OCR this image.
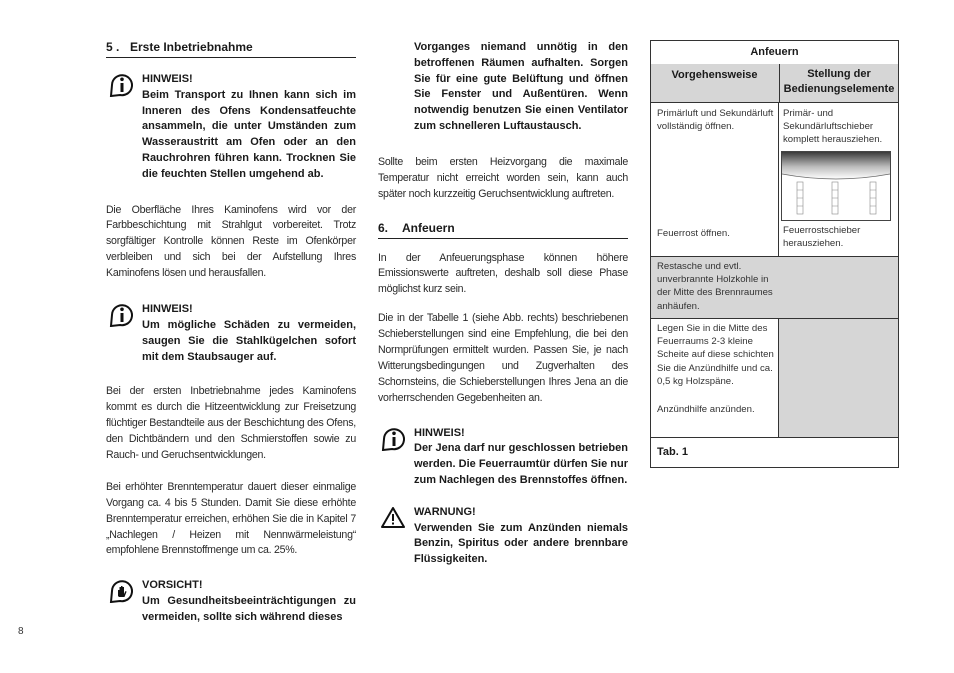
5 . Erste Inbetriebnahme
HINWEIS!
Beim Transport zu Ihnen kann sich im Inneren des Ofens Kondensatfeuchte ansammeln, die unter Umständen zum Wasseraustritt am Ofen oder an den Rauchrohren führen kann. Trocknen Sie die feuchten Stellen umgehend ab.

Die Oberfläche Ihres Kaminofens wird vor der Farbbeschichtung mit Strahlgut vorbereitet. Trotz sorgfältiger Kontrolle können Reste im Ofenkörper verbleiben und sich bei der Aufstellung Ihres Kaminofens lösen und herausfallen.

HINWEIS!
Um mögliche Schäden zu vermeiden, saugen Sie die Stahlkügelchen sofort mit dem Staubsauger auf.

Bei der ersten Inbetriebnahme jedes Kaminofens kommt es durch die Hitzeentwicklung zur Freisetzung flüchtiger Bestandteile aus der Beschichtung des Ofens, den Dichtbändern und den Schmierstoffen sowie zu Rauch- und Geruchsentwicklungen.

Bei erhöhter Brenntemperatur dauert dieser einmalige Vorgang ca. 4 bis 5 Stunden. Damit Sie diese erhöhte Brenntemperatur erreichen, erhöhen Sie die in Kapitel 7 „Nachlegen / Heizen mit Nennwärmeleistung“ empfohlene Brennstoffmenge um ca. 25%.

VORSICHT!
Um Gesundheitsbeeinträchtigungen zu vermeiden, sollte sich während dieses
Vorganges niemand unnötig in den betroffenen Räumen aufhalten. Sorgen Sie für eine gute Belüftung und öffnen Sie Fenster und Außentüren. Wenn notwendig benutzen Sie einen Ventilator zum schnelleren Luftaustausch.

Sollte beim ersten Heizvorgang die maximale Temperatur nicht erreicht worden sein, kann auch später noch kurzzeitig Geruchsentwicklung auftreten.

6. Anfeuern

In der Anfeuerungsphase können höhere Emissionswerte auftreten, deshalb soll diese Phase möglichst kurz sein.

Die in der Tabelle 1 (siehe Abb. rechts) beschriebenen Schieberstellungen sind eine Empfehlung, die bei den Normprüfungen ermittelt wurden. Passen Sie, je nach Witterungsbedingungen und Zugverhalten des Schornsteins, die Schieberstellungen Ihres Jena an die vorherrschenden Gegebenheiten an.

HINWEIS!
Der Jena darf nur geschlossen betrieben werden. Die Feuerraumtür dürfen Sie nur zum Nachlegen des Brennstoffes öffnen.
WARNUNG!
Verwenden Sie zum Anzünden niemals Benzin, Spiritus oder andere brennbare Flüssigkeiten.
Anfeuern
Vorgehensweise	Stellung der Bedienungselemente
Primärluft und Sekundärluft vollständig öffnen.
Primär- und Sekundärluftschieber komplett herausziehen.
Feuerrost öffnen.	Feuerrostschieber herausziehen.
Restasche und evtl. unverbrannte Holzkohle in der Mitte des Brennraumes anhäufen.
Legen Sie in die Mitte des Feuerraums 2-3 kleine Scheite auf diese schichten Sie die Anzündhilfe und ca. 0,5 kg Holzspäne.
Anzündhilfe anzünden.
Tab. 1
8
